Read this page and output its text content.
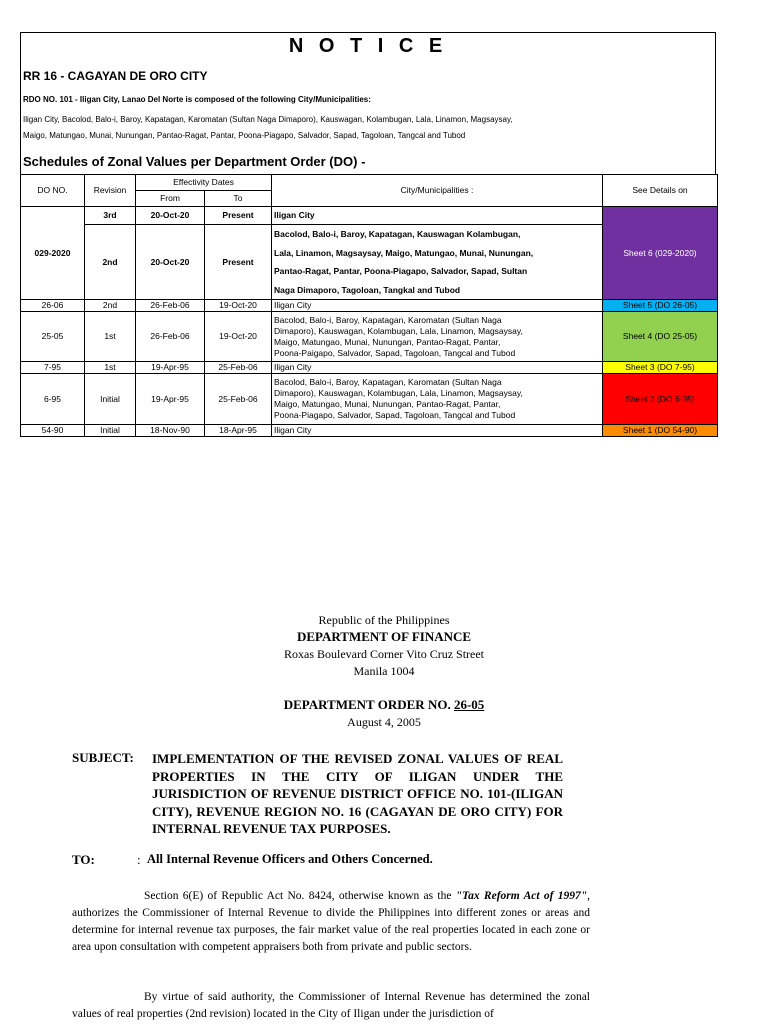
N O T I C E
RR 16 - CAGAYAN DE ORO CITY
RDO NO. 101 - Iligan City, Lanao Del Norte is composed of the following City/Municipalities:
Iligan City, Bacolod, Balo-i, Baroy, Kapatagan, Karomatan (Sultan Naga Dimaporo), Kauswagan, Kolambugan, Lala, Linamon, Magsaysay,
Maigo, Matungao, Munai, Nunungan, Pantao-Ragat, Pantar, Poona-Piagapo, Salvador, Sapad, Tagoloan, Tangcal and Tubod
Schedules of Zonal Values per Department Order (DO) -
DO NO.	Revision	Effectivity Dates		City/Municipalities :	See Details on
		From	To		
029-2020	3rd	20-Oct-20	Present	Iligan City	Sheet 6 (029-2020)
	2nd	20-Oct-20	Present	Bacolod, Balo-i, Baroy, Kapatagan, Kauswagan Kolambugan,
Lala, Linamon, Magsaysay, Maigo, Matungao, Munai, Nunungan,
Pantao-Ragat, Pantar, Poona-Piagapo, Salvador, Sapad, Sultan
Naga Dimaporo, Tagoloan, Tangkal and Tubod	

26-06	2nd	26-Feb-06	19-Oct-20	Iligan City	Sheet 5 (DO 26-05)
25-05	1st	26-Feb-06	19-Oct-20	Bacolod, Balo-i, Baroy, Kapatagan, Karomatan (Sultan Naga
Dimaporo), Kauswagan, Kolambugan, Lala, Linamon, Magsaysay,
Maigo, Matungao, Munai, Nunungan, Pantao-Ragat, Pantar,
Poona-Paigapo, Salvador, Sapad, Tagoloan, Tangcal and Tubod	Sheet 4 (DO 25-05)
7-95	1st	19-Apr-95	25-Feb-06	Iligan City	Sheet 3 (DO 7-95)
6-95	Initial	19-Apr-95	25-Feb-06	Bacolod, Balo-i, Baroy, Kapatagan, Karomatan (Sultan Naga
Dimaporo), Kauswagan, Kolambugan, Lala, Linamon, Magsaysay,
Maigo, Matungao, Munai, Nunungan, Pantao-Ragat, Pantar,
Poona-Piagapo, Salvador, Sapad, Tagoloan, Tangcal and Tubod	Sheet 2 (DO 6-95)
54-90	Initial	18-Nov-90	18-Apr-95	Iligan City	Sheet 1 (DO 54-90)
Republic of the Philippines
DEPARTMENT OF FINANCE
Roxas Boulevard Corner Vito Cruz Street
Manila 1004
DEPARTMENT ORDER NO. 26-05
August 4, 2005
SUBJECT: IMPLEMENTATION OF THE REVISED ZONAL VALUES OF REAL PROPERTIES IN THE CITY OF ILIGAN UNDER THE JURISDICTION OF REVENUE DISTRICT OFFICE NO. 101-(ILIGAN CITY), REVENUE REGION NO. 16 (CAGAYAN DE ORO CITY) FOR INTERNAL REVENUE TAX PURPOSES.
TO:	: All Internal Revenue Officers and Others Concerned.
Section 6(E) of Republic Act No. 8424, otherwise known as the "Tax Reform Act of 1997", authorizes the Commissioner of Internal Revenue to divide the Philippines into different zones or areas and determine for internal revenue tax purposes, the fair market value of the real properties located in each zone or area upon consultation with competent appraisers both from private and public sectors.
By virtue of said authority, the Commissioner of Internal Revenue has determined the zonal values of real properties (2nd revision) located in the City of Iligan under the jurisdiction of
